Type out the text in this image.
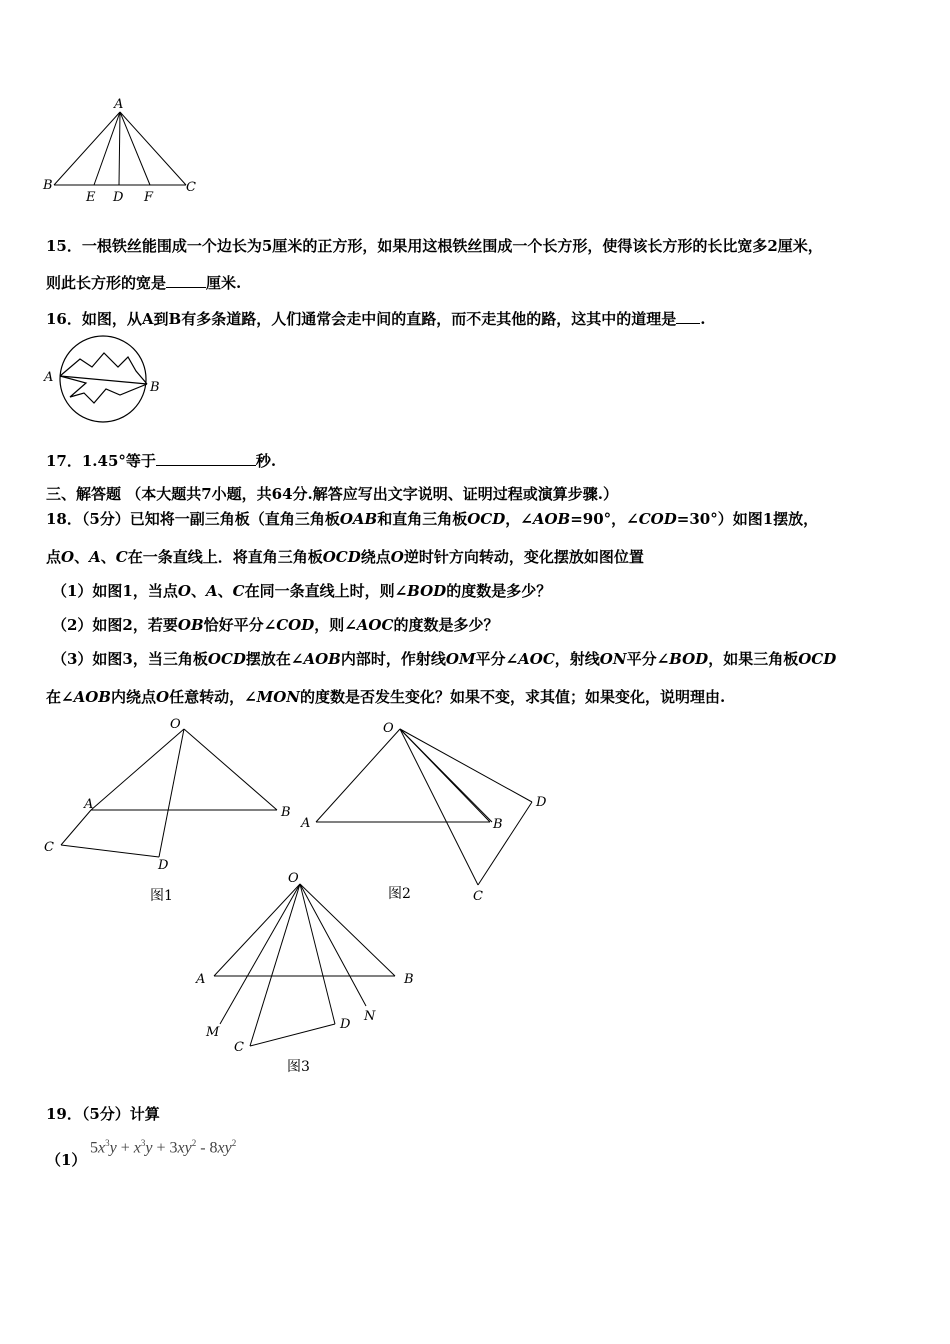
A
B
E D F
C
15．一根铁丝能围成一个边长为5厘米的正方形，如果用这根铁丝围成一个长方形，使得该长方形的长比宽多2厘米，
则此长方形的宽是	厘米.
16．如图，从A到B有多条道路，人们通常会走中间的直路，而不走其他的路，这其中的道理是 .
A
B
17．1.45°等于	秒.
三、解答题 （本大题共7小题，共64分.解答应写出文字说明、证明过程或演算步骤.）
18．（5分）已知将一副三角板（直角三角板OAB和直角三角板OCD，∠AOB=90°，∠COD=30°）如图1摆放，
点O、A、C在一条直线上．将直角三角板OCD绕点O逆时针方向转动，变化摆放如图位置
（1）如图1，当点O、A、C在同一条直线上时，则∠BOD的度数是多少？
（2）如图2，若要OB恰好平分∠COD，则∠AOC的度数是多少？
（3）如图3，当三角板OCD摆放在∠AOB内部时，作射线OM平分∠AOC，射线ON平分∠BOD，如果三角板OCD
在∠AOB内绕点O任意转动，∠MON的度数是否发生变化？如果不变，求其值；如果变化，说明理由.
O
A
B
C
D
图1
O
A	B
C
D
图2
O
A	B
M
C
D
N
图3
19．（5分）计算
（1）
$5x^3y + x^3y + 3xy^2 - 8xy^2$
